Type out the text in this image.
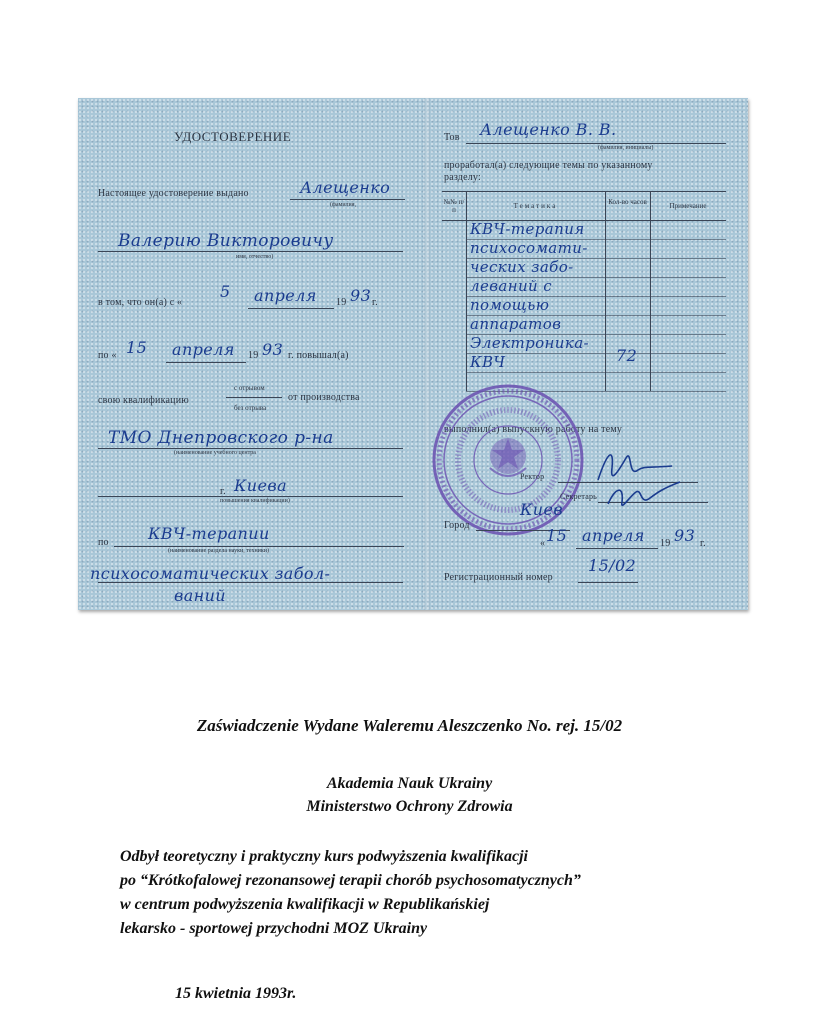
УДОСТОВЕРЕНИЕ
Настоящее удостоверение выдано	Алещенко
(фамилия,
Валерию Викторовичу
имя, отчество)
в том, что он(а) с «
5 апреля 19 93 г.
по « 15 апреля 19 93 г. повышал(а)
свою квалификацию
с отрывом
без отрыва
от производства
ТМО Днепровского р-на
(наименование учебного центра
г. Киева
повышения квалификации)
по КВЧ-терапии
(наименование раздела науки, техники)
психосоматических забол-
ваний
Тов Алещенко В. В.
(фамилия, инициалы)
проработал(а) следующие темы по указанному
разделу:
№№ п/п	Тематика	Кол-во часов	Примечание
КВЧ-терапия
психосомати-
ческих забо-
леваний с
помощью
аппаратов
Электроника-
КВЧ	72
выполнил(а) выпускную работу на тему
Ректор
Секретарь
Город
Киев
« 15 апреля 19 93 г.
Регистрационный номер
15/02
Zaświadczenie Wydane Waleremu Aleszczenko No. rej. 15/02
Akademia Nauk Ukrainy
Ministerstwo Ochrony Zdrowia
Odbył teoretyczny i praktyczny kurs podwyższenia kwalifikacji
po “Krótkofalowej rezonansowej terapii chorób psychosomatycznych”
w centrum podwyższenia kwalifikacji w Republikańskiej
lekarsko - sportowej przychodni MOZ Ukrainy
15 kwietnia 1993r.
